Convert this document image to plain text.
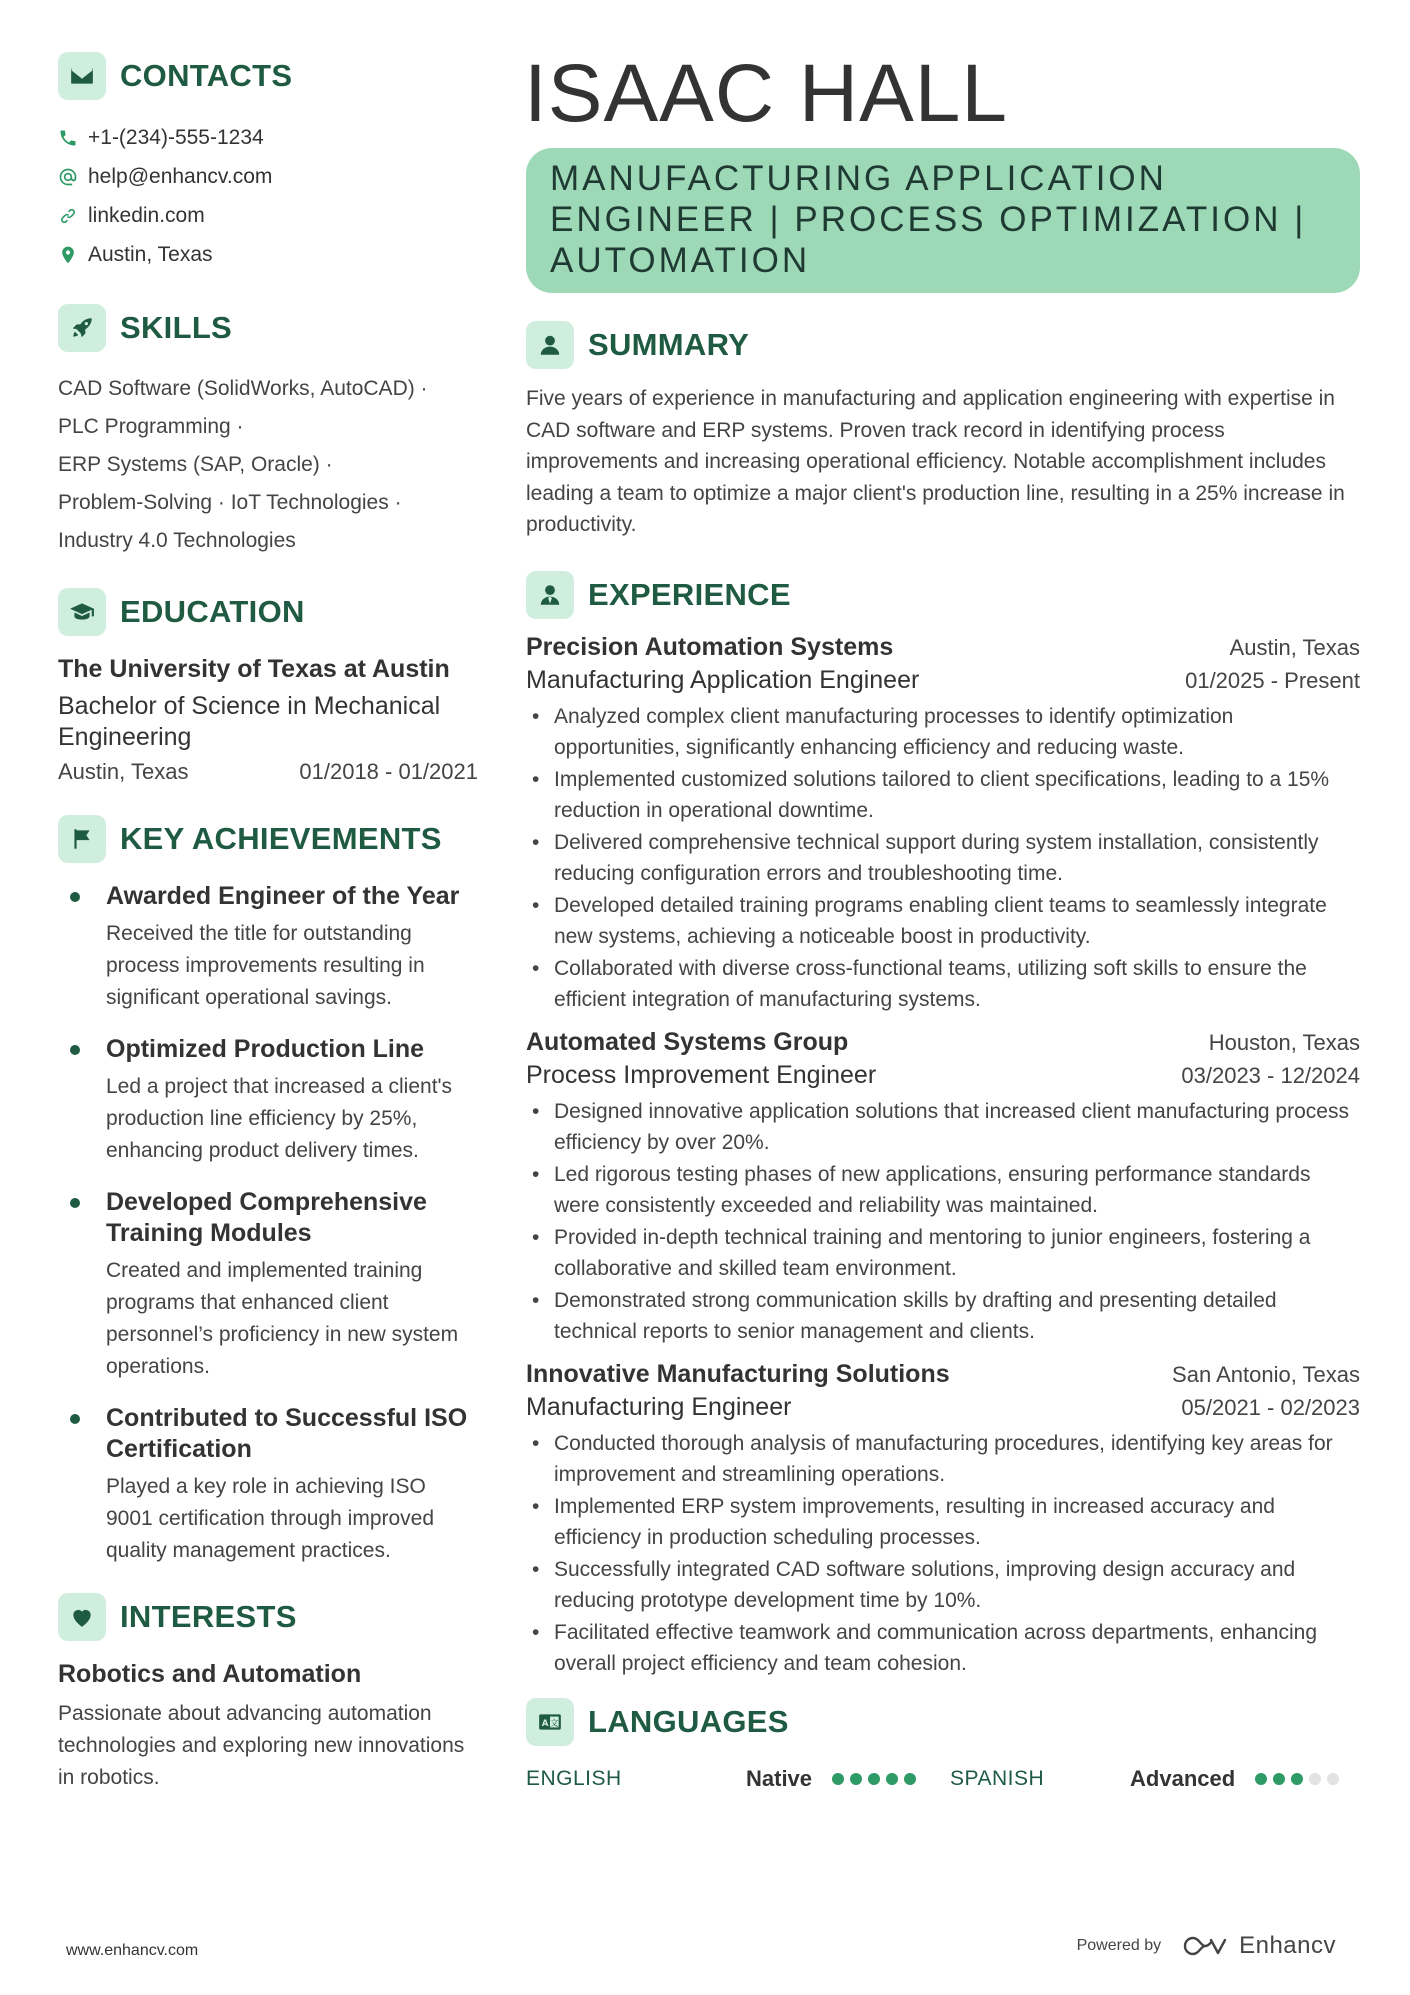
CONTACTS
+1-(234)-555-1234
help@enhancv.com
linkedin.com
Austin, Texas
SKILLS
CAD Software (SolidWorks, AutoCAD) ·
PLC Programming ·
ERP Systems (SAP, Oracle) ·
Problem-Solving · IoT Technologies ·
Industry 4.0 Technologies
EDUCATION
The University of Texas at Austin
Bachelor of Science in Mechanical Engineering
Austin, Texas	01/2018 - 01/2021
KEY ACHIEVEMENTS
Awarded Engineer of the Year
Received the title for outstanding process improvements resulting in significant operational savings.
Optimized Production Line
Led a project that increased a client's production line efficiency by 25%, enhancing product delivery times.
Developed Comprehensive Training Modules
Created and implemented training programs that enhanced client personnel’s proficiency in new system operations.
Contributed to Successful ISO Certification
Played a key role in achieving ISO 9001 certification through improved quality management practices.
INTERESTS
Robotics and Automation
Passionate about advancing automation technologies and exploring new innovations in robotics.
ISAAC HALL
MANUFACTURING APPLICATION ENGINEER | PROCESS OPTIMIZATION | AUTOMATION
SUMMARY
Five years of experience in manufacturing and application engineering with expertise in CAD software and ERP systems. Proven track record in identifying process improvements and increasing operational efficiency. Notable accomplishment includes leading a team to optimize a major client's production line, resulting in a 25% increase in productivity.
EXPERIENCE
Precision Automation Systems	Austin, Texas
Manufacturing Application Engineer	01/2025 - Present
• Analyzed complex client manufacturing processes to identify optimization opportunities, significantly enhancing efficiency and reducing waste.
• Implemented customized solutions tailored to client specifications, leading to a 15% reduction in operational downtime.
• Delivered comprehensive technical support during system installation, consistently reducing configuration errors and troubleshooting time.
• Developed detailed training programs enabling client teams to seamlessly integrate new systems, achieving a noticeable boost in productivity.
• Collaborated with diverse cross-functional teams, utilizing soft skills to ensure the efficient integration of manufacturing systems.
Automated Systems Group	Houston, Texas
Process Improvement Engineer	03/2023 - 12/2024
• Designed innovative application solutions that increased client manufacturing process efficiency by over 20%.
• Led rigorous testing phases of new applications, ensuring performance standards were consistently exceeded and reliability was maintained.
• Provided in-depth technical training and mentoring to junior engineers, fostering a collaborative and skilled team environment.
• Demonstrated strong communication skills by drafting and presenting detailed technical reports to senior management and clients.
Innovative Manufacturing Solutions	San Antonio, Texas
Manufacturing Engineer	05/2021 - 02/2023
• Conducted thorough analysis of manufacturing procedures, identifying key areas for improvement and streamlining operations.
• Implemented ERP system improvements, resulting in increased accuracy and efficiency in production scheduling processes.
• Successfully integrated CAD software solutions, improving design accuracy and reducing prototype development time by 10%.
• Facilitated effective teamwork and communication across departments, enhancing overall project efficiency and team cohesion.
A 文 LANGUAGES
ENGLISH	Native	SPANISH	Advanced
www.enhancv.com	Powered by	Enhancv
